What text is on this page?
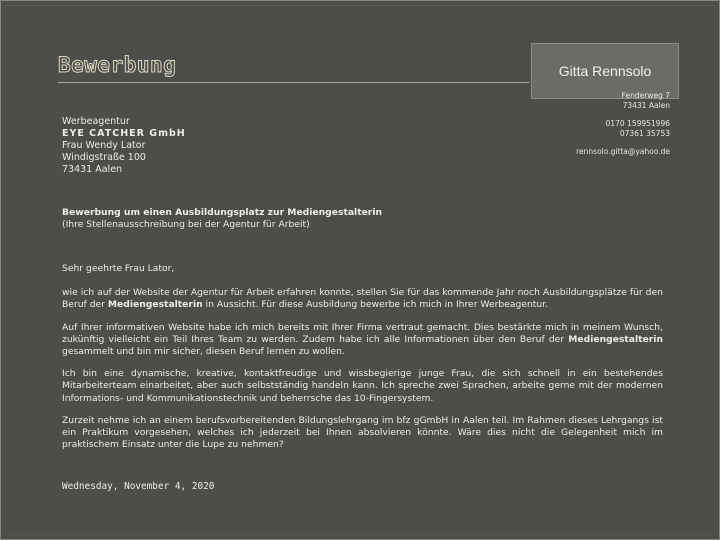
Bewerbung	Gitta Rennsolo
Fenderweg 7
73431 Aalen
0170 159951996
07361 35753
rennsolo.gitta@yahoo.de
Werbeagentur
EYE CATCHER GmbH
Frau Wendy Lator
Windigstraße 100
73431 Aalen
Bewerbung um einen Ausbildungsplatz zur Mediengestalterin
(Ihre Stellenausschreibung bei der Agentur für Arbeit)

Sehr geehrte Frau Lator,

wie ich auf der Website der Agentur für Arbeit erfahren konnte, stellen Sie für das kommende Jahr noch Ausbildungsplätze für den Beruf der Mediengestalterin in Aussicht. Für diese Ausbildung bewerbe ich mich in Ihrer Werbeagentur.

Auf Ihrer informativen Website habe ich mich bereits mit Ihrer Firma vertraut gemacht. Dies bestärkte mich in meinem Wunsch, zukünftig vielleicht ein Teil Ihres Team zu werden. Zudem habe ich alle Informationen über den Beruf der Mediengestalterin gesammelt und bin mir sicher, diesen Beruf lernen zu wollen.

Ich bin eine dynamische, kreative, kontaktfreudige und wissbegierige junge Frau, die sich schnell in ein bestehendes Mitarbeiterteam einarbeitet, aber auch selbstständig handeln kann. Ich spreche zwei Sprachen, arbeite gerne mit der modernen Informations- und Kommunikationstechnik und beherrsche das 10-Fingersystem.

Zurzeit nehme ich an einem berufsvorbereitenden Bildungslehrgang im bfz gGmbH in Aalen teil. Im Rahmen dieses Lehrgangs ist ein Praktikum vorgesehen, welches ich jederzeit bei Ihnen absolvieren könnte. Wäre dies nicht die Gelegenheit mich im praktischem Einsatz unter die Lupe zu nehmen?

Wednesday, November 4, 2020
